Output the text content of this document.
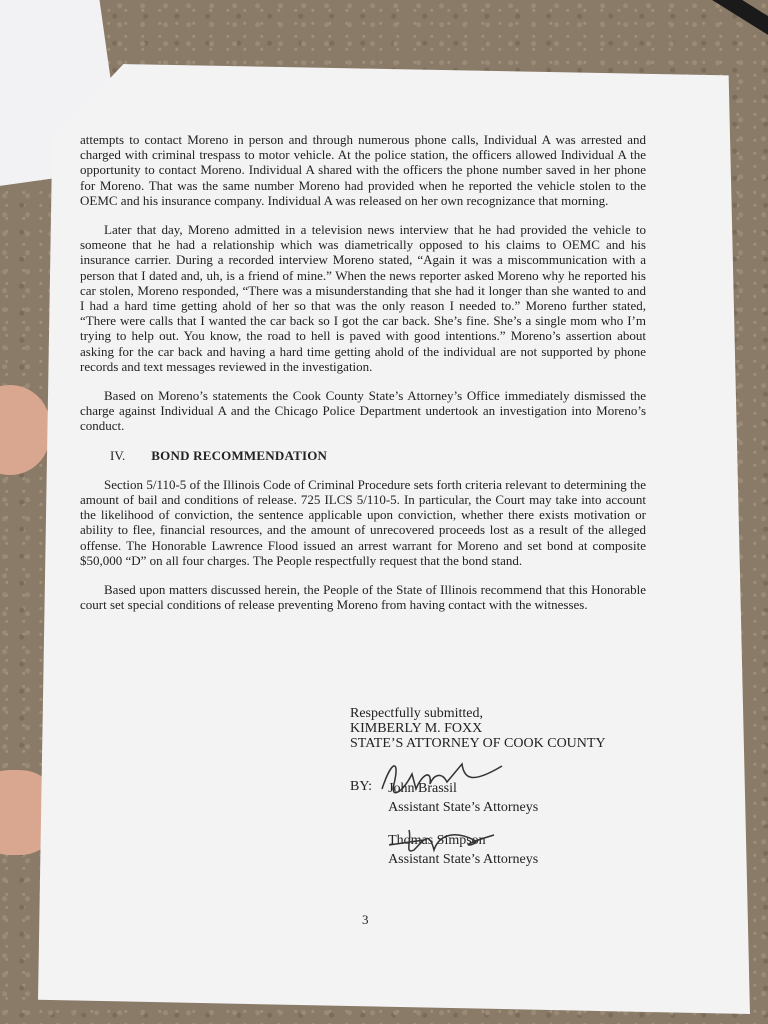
attempts to contact Moreno in person and through numerous phone calls, Individual A was arrested and charged with criminal trespass to motor vehicle. At the police station, the officers allowed Individual A the opportunity to contact Moreno. Individual A shared with the officers the phone number saved in her phone for Moreno. That was the same number Moreno had provided when he reported the vehicle stolen to the OEMC and his insurance company. Individual A was released on her own recognizance that morning.

Later that day, Moreno admitted in a television news interview that he had provided the vehicle to someone that he had a relationship which was diametrically opposed to his claims to OEMC and his insurance carrier. During a recorded interview Moreno stated, “Again it was a miscommunication with a person that I dated and, uh, is a friend of mine.” When the news reporter asked Moreno why he reported his car stolen, Moreno responded, “There was a misunderstanding that she had it longer than she wanted to and I had a hard time getting ahold of her so that was the only reason I needed to.” Moreno further stated, “There were calls that I wanted the car back so I got the car back. She’s fine. She’s a single mom who I’m trying to help out. You know, the road to hell is paved with good intentions.” Moreno’s assertion about asking for the car back and having a hard time getting ahold of the individual are not supported by phone records and text messages reviewed in the investigation.

Based on Moreno’s statements the Cook County State’s Attorney’s Office immediately dismissed the charge against Individual A and the Chicago Police Department undertook an investigation into Moreno’s conduct.

IV. BOND RECOMMENDATION

Section 5/110-5 of the Illinois Code of Criminal Procedure sets forth criteria relevant to determining the amount of bail and conditions of release. 725 ILCS 5/110-5. In particular, the Court may take into account the likelihood of conviction, the sentence applicable upon conviction, whether there exists motivation or ability to flee, financial resources, and the amount of unrecovered proceeds lost as a result of the alleged offense. The Honorable Lawrence Flood issued an arrest warrant for Moreno and set bond at composite $50,000 “D” on all four charges. The People respectfully request that the bond stand.

Based upon matters discussed herein, the People of the State of Illinois recommend that this Honorable court set special conditions of release preventing Moreno from having contact with the witnesses.

Respectfully submitted,
KIMBERLY M. FOXX
STATE’S ATTORNEY OF COOK COUNTY
BY: John Brassil
Assistant State’s Attorneys
Thomas Simpson
Assistant State’s Attorneys
3
